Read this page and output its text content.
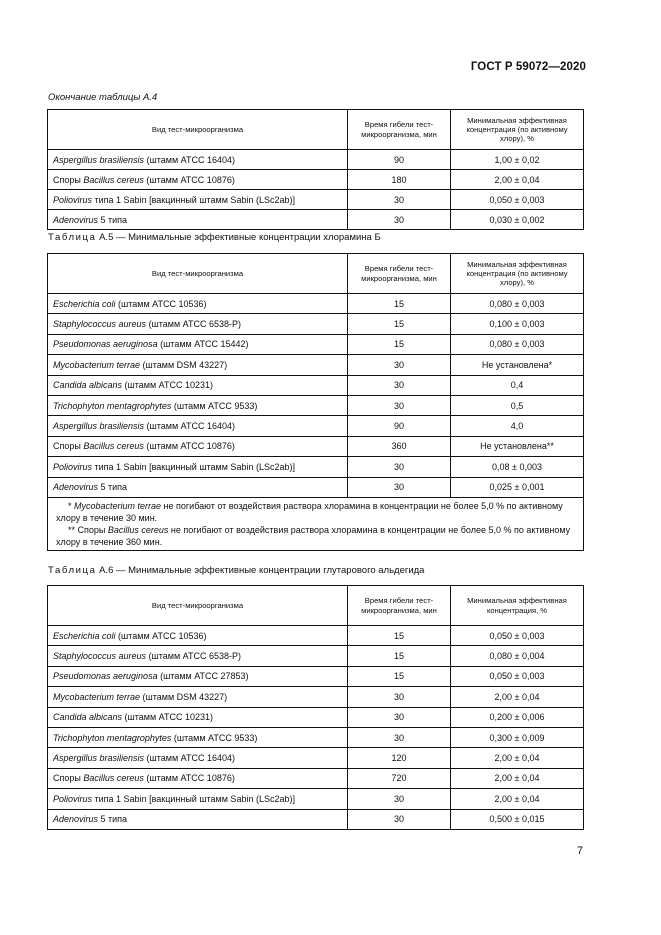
ГОСТ Р 59072—2020
Окончание таблицы А.4
Вид тест-микроорганизма	Время гибели тест-микроорганизма, мин	Минимальная эффективная концентрация (по активному хлору), %
Aspergillus brasiliensis (штамм АТСС 16404)	90	1,00 ± 0,02
Споры Bacillus cereus (штамм АТСС 10876)	180	2,00 ± 0,04
Poliovirus типа 1 Sabin [вакцинный штамм Sabin (LSc2ab)]	30	0,050 ± 0,003
Adenovirus 5 типа	30	0,030 ± 0,002
Таблица А.5 — Минимальные эффективные концентрации хлорамина Б
Вид тест-микроорганизма	Время гибели тест-микроорганизма, мин	Минимальная эффективная концентрация (по активному хлору), %
Escherichia coli (штамм АТСС 10536)	15	0,080 ± 0,003
Staphylococcus aureus (штамм АТСС 6538-Р)	15	0,100 ± 0,003
Pseudomonas aeruginosa (штамм АТСС 15442)	15	0,080 ± 0,003
Mycobacterium terrae (штамм DSM 43227)	30	Не установлена*
Candida albicans (штамм АТСС 10231)	30	0,4
Trichophyton mentagrophytes (штамм АТСС 9533)	30	0,5
Aspergillus brasiliensis (штамм АТСС 16404)	90	4,0
Споры Bacillus cereus (штамм АТСС 10876)	360	Не установлена**
Poliovirus типа 1 Sabin [вакцинный штамм Sabin (LSc2ab)]	30	0,08 ± 0,003
Adenovirus 5 типа	30	0,025 ± 0,001

* Mycobacterium terrae не погибают от воздействия раствора хлорамина в концентрации не более 5,0 % по активному хлору в течение 30 мин.
** Споры Bacillus cereus не погибают от воздействия раствора хлорамина в концентрации не более 5,0 % по активному хлору в течение 360 мин.		
Таблица А.6 — Минимальные эффективные концентрации глутарового альдегида
Вид тест-микроорганизма	Время гибели тест-микроорганизма, мин	Минимальная эффективная концентрация, %
Escherichia coli (штамм АТСС 10536)	15	0,050 ± 0,003
Staphylococcus aureus (штамм АТСС 6538-Р)	15	0,080 ± 0,004
Pseudomonas aeruginosa (штамм АТСС 27853)	15	0,050 ± 0,003
Mycobacterium terrae (штамм DSM 43227)	30	2,00 ± 0,04
Candida albicans (штамм АТСС 10231)	30	0,200 ± 0,006
Trichophyton mentagrophytes (штамм АТСС 9533)	30	0,300 ± 0,009
Aspergillus brasiliensis (штамм АТСС 16404)	120	2,00 ± 0,04
Споры Bacillus cereus (штамм АТСС 10876)	720	2,00 ± 0,04
Poliovirus типа 1 Sabin [вакцинный штамм Sabin (LSc2ab)]	30	2,00 ± 0,04
Adenovirus 5 типа	30	0,500 ± 0,015
7
